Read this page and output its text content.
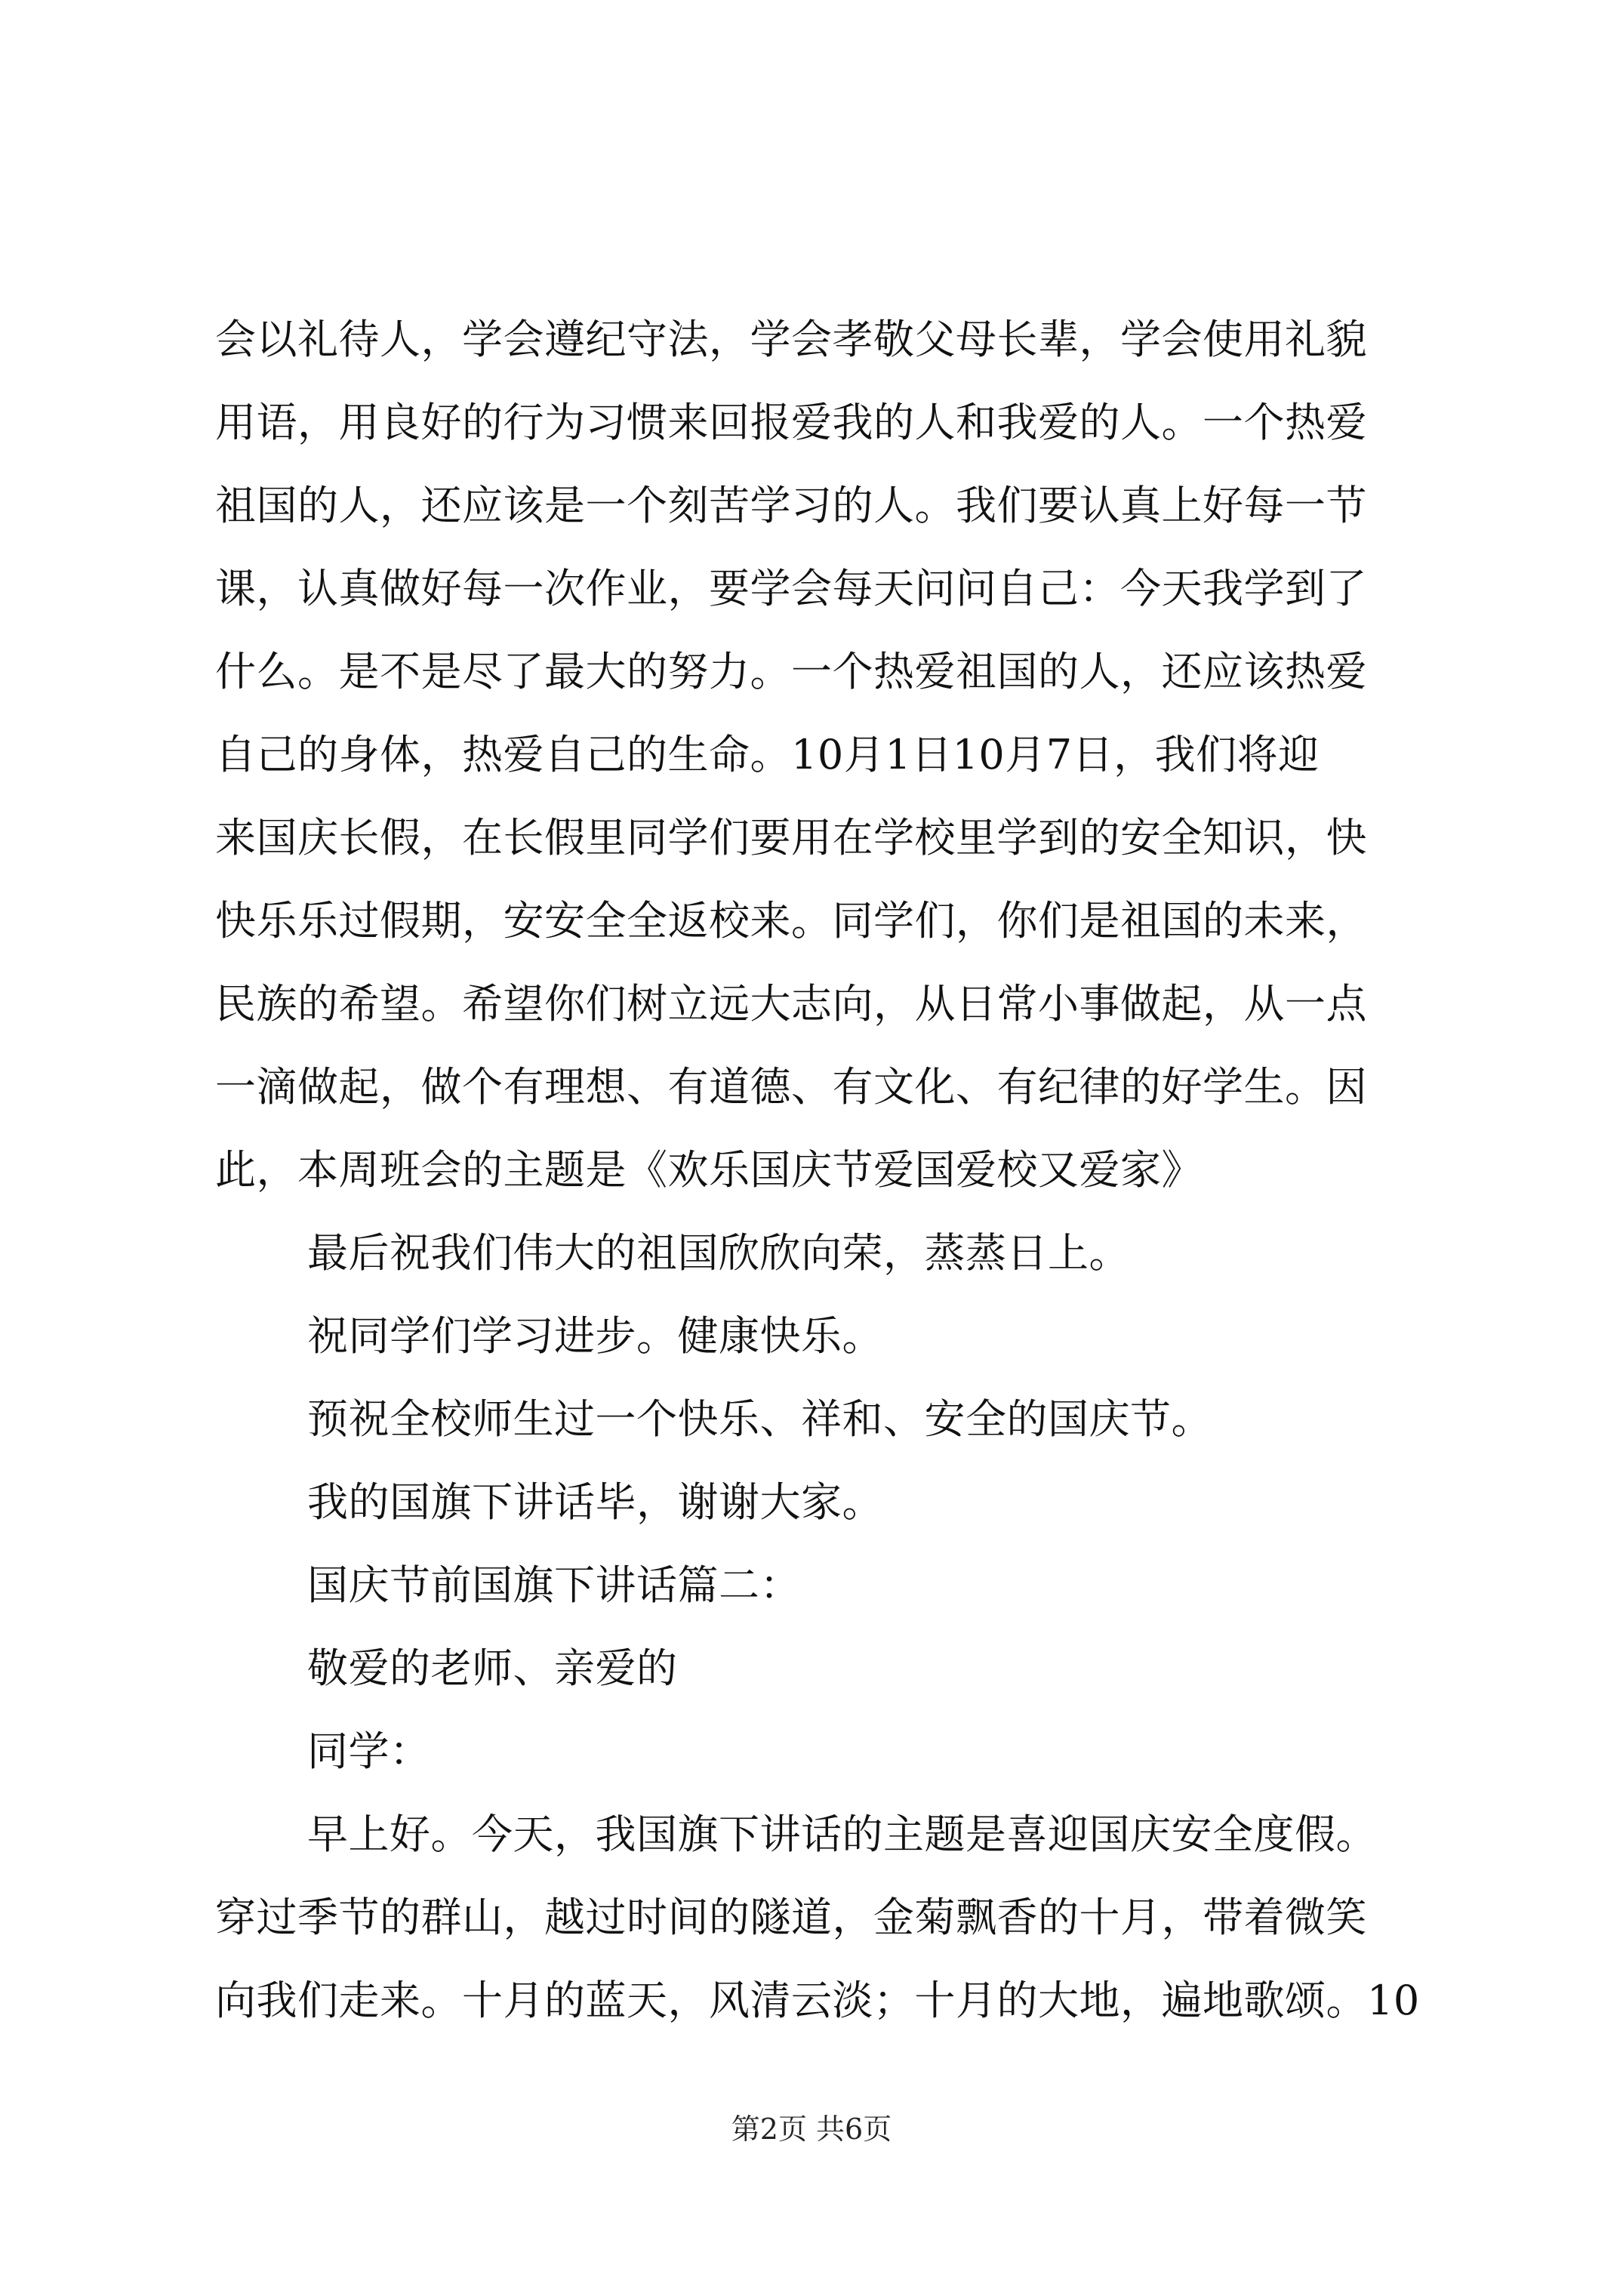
会以礼待人，学会遵纪守法，学会孝敬父母长辈，学会使用礼貌
用语，用良好的行为习惯来回报爱我的人和我爱的人。一个热爱
祖国的人，还应该是一个刻苦学习的人。我们要认真上好每一节
课，认真做好每一次作业，要学会每天问问自己：今天我学到了
什么。是不是尽了最大的努力。一个热爱祖国的人，还应该热爱
自己的身体，热爱自己的生命。10月1日10月7日，我们将迎
来国庆长假，在长假里同学们要用在学校里学到的安全知识，快
快乐乐过假期，安安全全返校来。同学们，你们是祖国的未来，
民族的希望。希望你们树立远大志向，从日常小事做起，从一点
一滴做起，做个有理想、有道德、有文化、有纪律的好学生。因
此，本周班会的主题是《欢乐国庆节爱国爱校又爱家》
最后祝我们伟大的祖国欣欣向荣，蒸蒸日上。
祝同学们学习进步。健康快乐。
预祝全校师生过一个快乐、祥和、安全的国庆节。
我的国旗下讲话毕，谢谢大家。
国庆节前国旗下讲话篇二：
敬爱的老师、亲爱的
同学：
早上好。今天，我国旗下讲话的主题是喜迎国庆安全度假。
穿过季节的群山，越过时间的隧道，金菊飘香的十月，带着微笑
向我们走来。十月的蓝天，风清云淡；十月的大地，遍地歌颂。10
第2页 共6页
